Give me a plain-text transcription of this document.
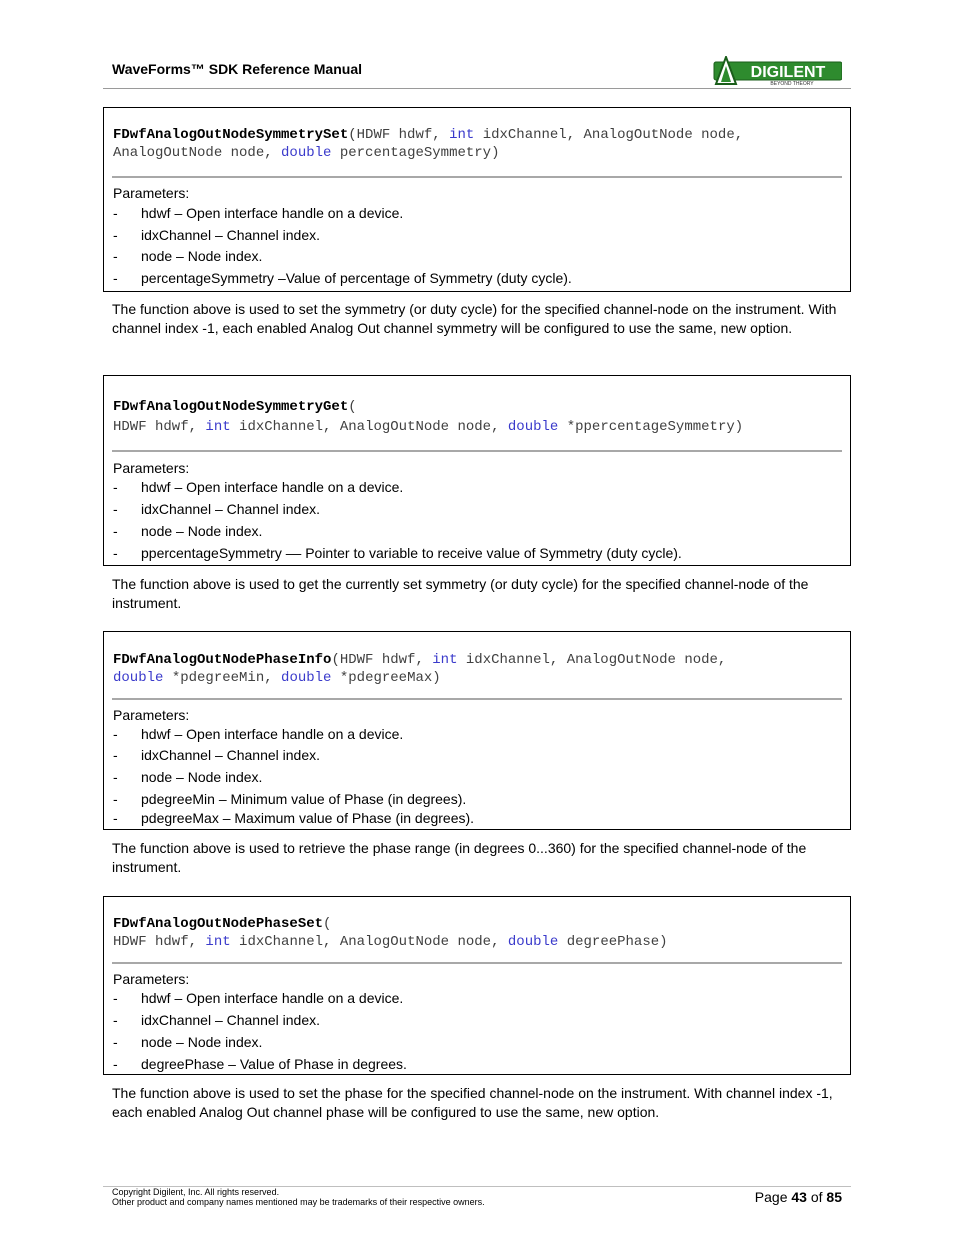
WaveForms™ SDK Reference Manual	DIGILENT
BEYOND THEORY
FDwfAnalogOutNodeSymmetrySet(HDWF hdwf, int idxChannel, AnalogOutNode node,
AnalogOutNode node, double percentageSymmetry)
Parameters:
- hdwf – Open interface handle on a device.
- idxChannel – Channel index.
- node – Node index.
- percentageSymmetry –Value of percentage of Symmetry (duty cycle).
The function above is used to set the symmetry (or duty cycle) for the specified channel-node on the instrument. With channel index -1, each enabled Analog Out channel symmetry will be configured to use the same, new option.
FDwfAnalogOutNodeSymmetryGet(
HDWF hdwf, int idxChannel, AnalogOutNode node, double *ppercentageSymmetry)
Parameters:
- hdwf – Open interface handle on a device.
- idxChannel – Channel index.
- node – Node index.
- ppercentageSymmetry –– Pointer to variable to receive value of Symmetry (duty cycle).
The function above is used to get the currently set symmetry (or duty cycle) for the specified channel-node of the instrument.
FDwfAnalogOutNodePhaseInfo(HDWF hdwf, int idxChannel, AnalogOutNode node,
double *pdegreeMin, double *pdegreeMax)
Parameters:
- hdwf – Open interface handle on a device.
- idxChannel – Channel index.
- node – Node index.
- pdegreeMin – Minimum value of Phase (in degrees).
- pdegreeMax – Maximum value of Phase (in degrees).
The function above is used to retrieve the phase range (in degrees 0...360) for the specified channel-node of the instrument.
FDwfAnalogOutNodePhaseSet(
HDWF hdwf, int idxChannel, AnalogOutNode node, double degreePhase)
Parameters:
- hdwf – Open interface handle on a device.
- idxChannel – Channel index.
- node – Node index.
- degreePhase – Value of Phase in degrees.
The function above is used to set the phase for the specified channel-node on the instrument. With channel index -1, each enabled Analog Out channel phase will be configured to use the same, new option.
Copyright Digilent, Inc. All rights reserved.
Other product and company names mentioned may be trademarks of their respective owners.	Page 43 of 85
